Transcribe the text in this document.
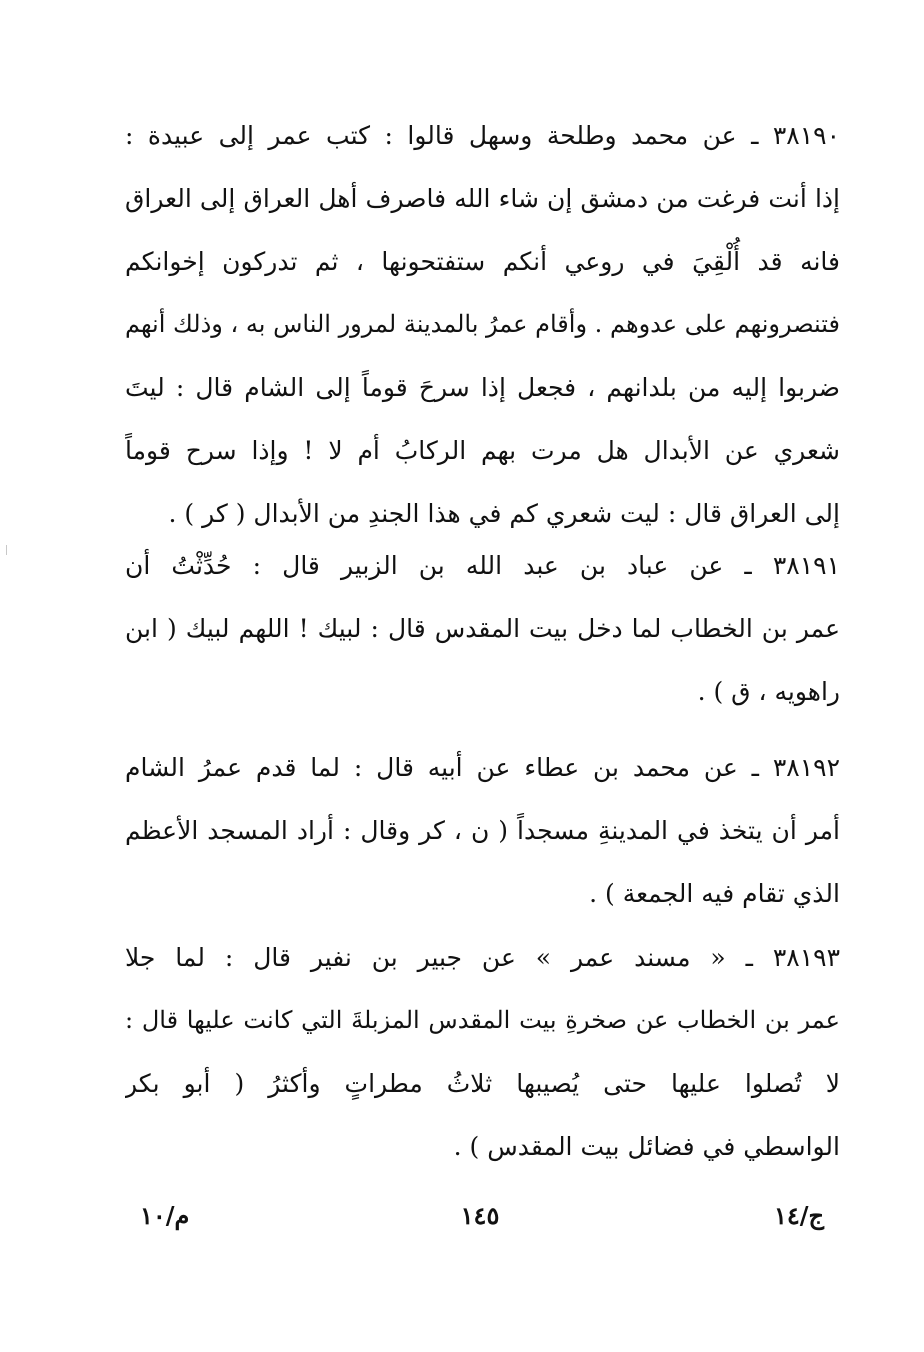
٣٨١٩٠ ـ عن محمد وطلحة وسهل قالوا : كتب عمر إلى عبيدة :
إذا أنت فرغت من دمشق إن شاء الله فاصرف أهل العراق إلى العراق
فانه قد أُلْقِيَ في روعي أنكم ستفتحونها ، ثم تدركون إخوانكم
فتنصرونهم على عدوهم . وأقام عمرُ بالمدينة لمرور الناس به ، وذلك أنهم
ضربوا إليه من بلدانهم ، فجعل إذا سرحَ قوماً إلى الشام قال : ليتَ
شعري عن الأبدال هل مرت بهم الركابُ أم لا ! وإذا سرح قوماً
إلى العراق قال : ليت شعري كم في هذا الجندِ من الأبدال ( كر ) .
٣٨١٩١ ـ عن عباد بن عبد الله بن الزبير قال : حُدِّثْتُ أن
عمر بن الخطاب لما دخل بيت المقدس قال : لبيك ! اللهم لبيك ( ابن
راهويه ، ق ) .
٣٨١٩٢ ـ عن محمد بن عطاء عن أبيه قال : لما قدم عمرُ الشام
أمر أن يتخذ في المدينةِ مسجداً ( ن ، كر وقال : أراد المسجد الأعظم
الذي تقام فيه الجمعة ) .
٣٨١٩٣ ـ « مسند عمر » عن جبير بن نفير قال : لما جلا
عمر بن الخطاب عن صخرةِ بيت المقدس المزبلةَ التي كانت عليها قال :
لا تُصلوا عليها حتى يُصيبها ثلاثُ مطراتٍ وأكثرُ ( أبو بكر
الواسطي في فضائل بيت المقدس ) .
ج/١٤
١٤٥
م/١٠
